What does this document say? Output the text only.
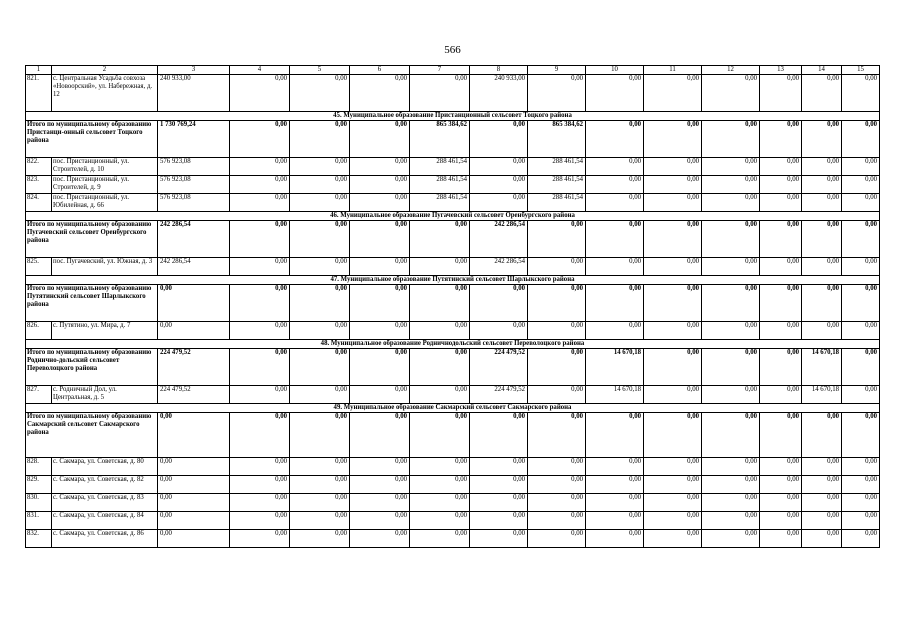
566
1	2	3	4	5	6	7	8	9	10	11	12	13	14	15
821.	с. Центральная Усадьба совхоза «Новоорский», ул. Набережная, д. 12	240 933,00	0,00	0,00	0,00	0,00	240 933,00	0,00	0,00	0,00	0,00	0,00	0,00	0,00
45. Муниципальное образование Пристанционный сельсовет Тоцкого района														
Итого по муниципальному образованию Пристанци-онный сельсовет Тоцкого района		1 730 769,24	0,00	0,00	0,00	865 384,62	0,00	865 384,62	0,00	0,00	0,00	0,00	0,00	0,00
822.	пос. Пристанционный, ул. Строителей, д. 10	576 923,08	0,00	0,00	0,00	288 461,54	0,00	288 461,54	0,00	0,00	0,00	0,00	0,00	0,00
823.	пос. Пристанционный, ул. Строителей, д. 9	576 923,08	0,00	0,00	0,00	288 461,54	0,00	288 461,54	0,00	0,00	0,00	0,00	0,00	0,00
824.	пос. Пристанционный, ул. Юбилейная, д. 66	576 923,08	0,00	0,00	0,00	288 461,54	0,00	288 461,54	0,00	0,00	0,00	0,00	0,00	0,00
46. Муниципальное образование Пугачевский сельсовет Оренбургского района														
Итого по муниципальному образованию Пугачевский сельсовет Оренбургского района		242 286,54	0,00	0,00	0,00	0,00	242 286,54	0,00	0,00	0,00	0,00	0,00	0,00	0,00
825.	пос. Пугачевский, ул. Южная, д. 3	242 286,54	0,00	0,00	0,00	0,00	242 286,54	0,00	0,00	0,00	0,00	0,00	0,00	0,00
47. Муниципальное образование Путятинский сельсовет Шарлыкского района														
Итого по муниципальному образованию Путятинский сельсовет Шарлыкского района		0,00	0,00	0,00	0,00	0,00	0,00	0,00	0,00	0,00	0,00	0,00	0,00	0,00
826.	с. Путятино, ул. Мира, д. 7	0,00	0,00	0,00	0,00	0,00	0,00	0,00	0,00	0,00	0,00	0,00	0,00	0,00
48. Муниципальное образование Родничнодольский сельсовет Переволоцкого района														
Итого по муниципальному образованию Роднично-дольский сельсовет Переволоцкого района		224 479,52	0,00	0,00	0,00	0,00	224 479,52	0,00	14 670,18	0,00	0,00	0,00	14 670,18	0,00
827.	с. Родничный Дол, ул. Центральная, д. 5	224 479,52	0,00	0,00	0,00	0,00	224 479,52	0,00	14 670,18	0,00	0,00	0,00	14 670,18	0,00
49. Муниципальное образование Сакмарский сельсовет Сакмарского района														
Итого по муниципальному образованию Сакмарский сельсовет Сакмарского района		0,00	0,00	0,00	0,00	0,00	0,00	0,00	0,00	0,00	0,00	0,00	0,00	0,00
828.	с. Сакмара, ул. Советская, д. 80	0,00	0,00	0,00	0,00	0,00	0,00	0,00	0,00	0,00	0,00	0,00	0,00	0,00
829.	с. Сакмара, ул. Советская, д. 82	0,00	0,00	0,00	0,00	0,00	0,00	0,00	0,00	0,00	0,00	0,00	0,00	0,00
830.	с. Сакмара, ул. Советская, д. 83	0,00	0,00	0,00	0,00	0,00	0,00	0,00	0,00	0,00	0,00	0,00	0,00	0,00
831.	с. Сакмара, ул. Советская, д. 84	0,00	0,00	0,00	0,00	0,00	0,00	0,00	0,00	0,00	0,00	0,00	0,00	0,00
832.	с. Сакмара, ул. Советская, д. 86	0,00	0,00	0,00	0,00	0,00	0,00	0,00	0,00	0,00	0,00	0,00	0,00	0,00
